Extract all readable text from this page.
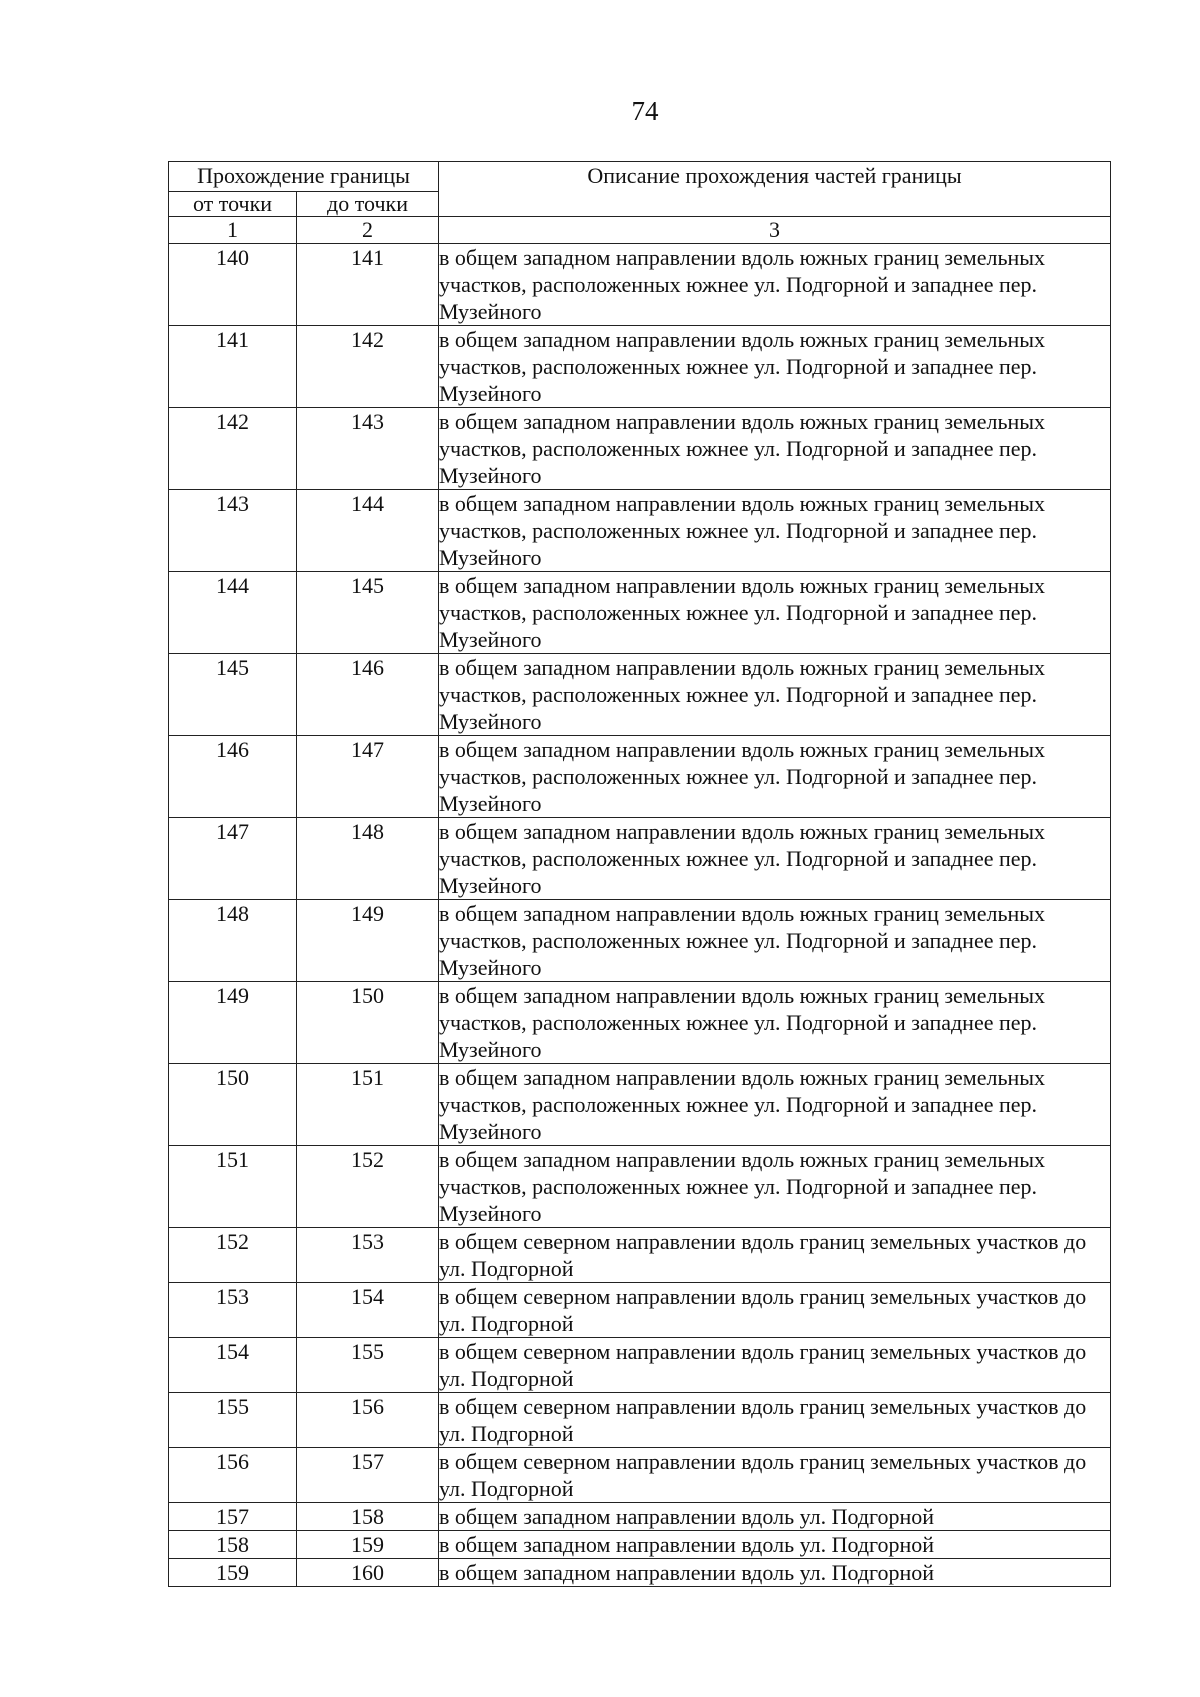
74
Прохождение границы		Описание прохождения частей границы
от точки	до точки	
1	2	3
140	141	в общем западном направлении вдоль южных границ земельных участков, расположенных южнее ул. Подгорной и западнее пер. Музейного
141	142	в общем западном направлении вдоль южных границ земельных участков, расположенных южнее ул. Подгорной и западнее пер. Музейного
142	143	в общем западном направлении вдоль южных границ земельных участков, расположенных южнее ул. Подгорной и западнее пер. Музейного
143	144	в общем западном направлении вдоль южных границ земельных участков, расположенных южнее ул. Подгорной и западнее пер. Музейного
144	145	в общем западном направлении вдоль южных границ земельных участков, расположенных южнее ул. Подгорной и западнее пер. Музейного
145	146	в общем западном направлении вдоль южных границ земельных участков, расположенных южнее ул. Подгорной и западнее пер. Музейного
146	147	в общем западном направлении вдоль южных границ земельных участков, расположенных южнее ул. Подгорной и западнее пер. Музейного
147	148	в общем западном направлении вдоль южных границ земельных участков, расположенных южнее ул. Подгорной и западнее пер. Музейного
148	149	в общем западном направлении вдоль южных границ земельных участков, расположенных южнее ул. Подгорной и западнее пер. Музейного
149	150	в общем западном направлении вдоль южных границ земельных участков, расположенных южнее ул. Подгорной и западнее пер. Музейного
150	151	в общем западном направлении вдоль южных границ земельных участков, расположенных южнее ул. Подгорной и западнее пер. Музейного
151	152	в общем западном направлении вдоль южных границ земельных участков, расположенных южнее ул. Подгорной и западнее пер. Музейного
152	153	в общем северном направлении вдоль границ земельных участков до ул. Подгорной
153	154	в общем северном направлении вдоль границ земельных участков до ул. Подгорной
154	155	в общем северном направлении вдоль границ земельных участков до ул. Подгорной
155	156	в общем северном направлении вдоль границ земельных участков до ул. Подгорной
156	157	в общем северном направлении вдоль границ земельных участков до ул. Подгорной
157	158	в общем западном направлении вдоль ул. Подгорной
158	159	в общем западном направлении вдоль ул. Подгорной
159	160	в общем западном направлении вдоль ул. Подгорной
